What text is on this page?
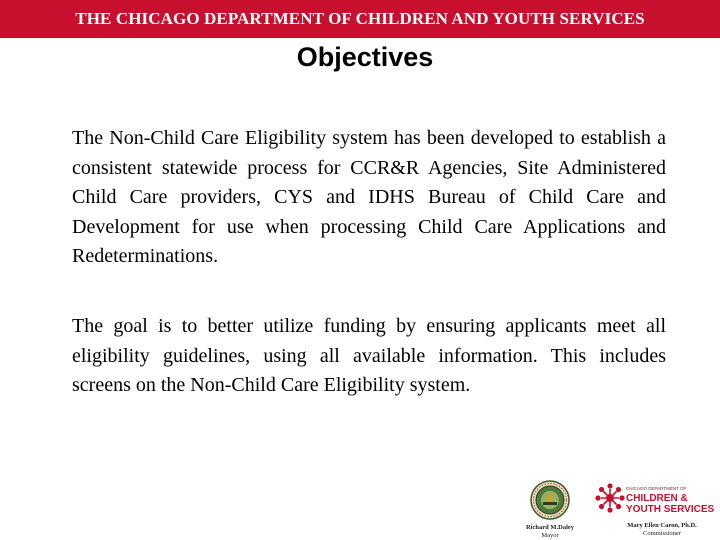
THE CHICAGO DEPARTMENT OF CHILDREN AND YOUTH SERVICES
Objectives

The Non-Child Care Eligibility system has been developed to establish a consistent statewide process for CCR&R Agencies, Site Administered Child Care providers, CYS and IDHS Bureau of Child Care and Development for use when processing Child Care Applications and Redeterminations.

The goal is to better utilize funding by ensuring applicants meet all eligibility guidelines, using all available information. This includes screens on the Non-Child Care Eligibility system.

Richard M.Daley
Mayor
CHICAGO DEPARTMENT OF
CHILDREN &
YOUTH SERVICES
Mary Ellen Caron, Ph.D.
Commissioner
